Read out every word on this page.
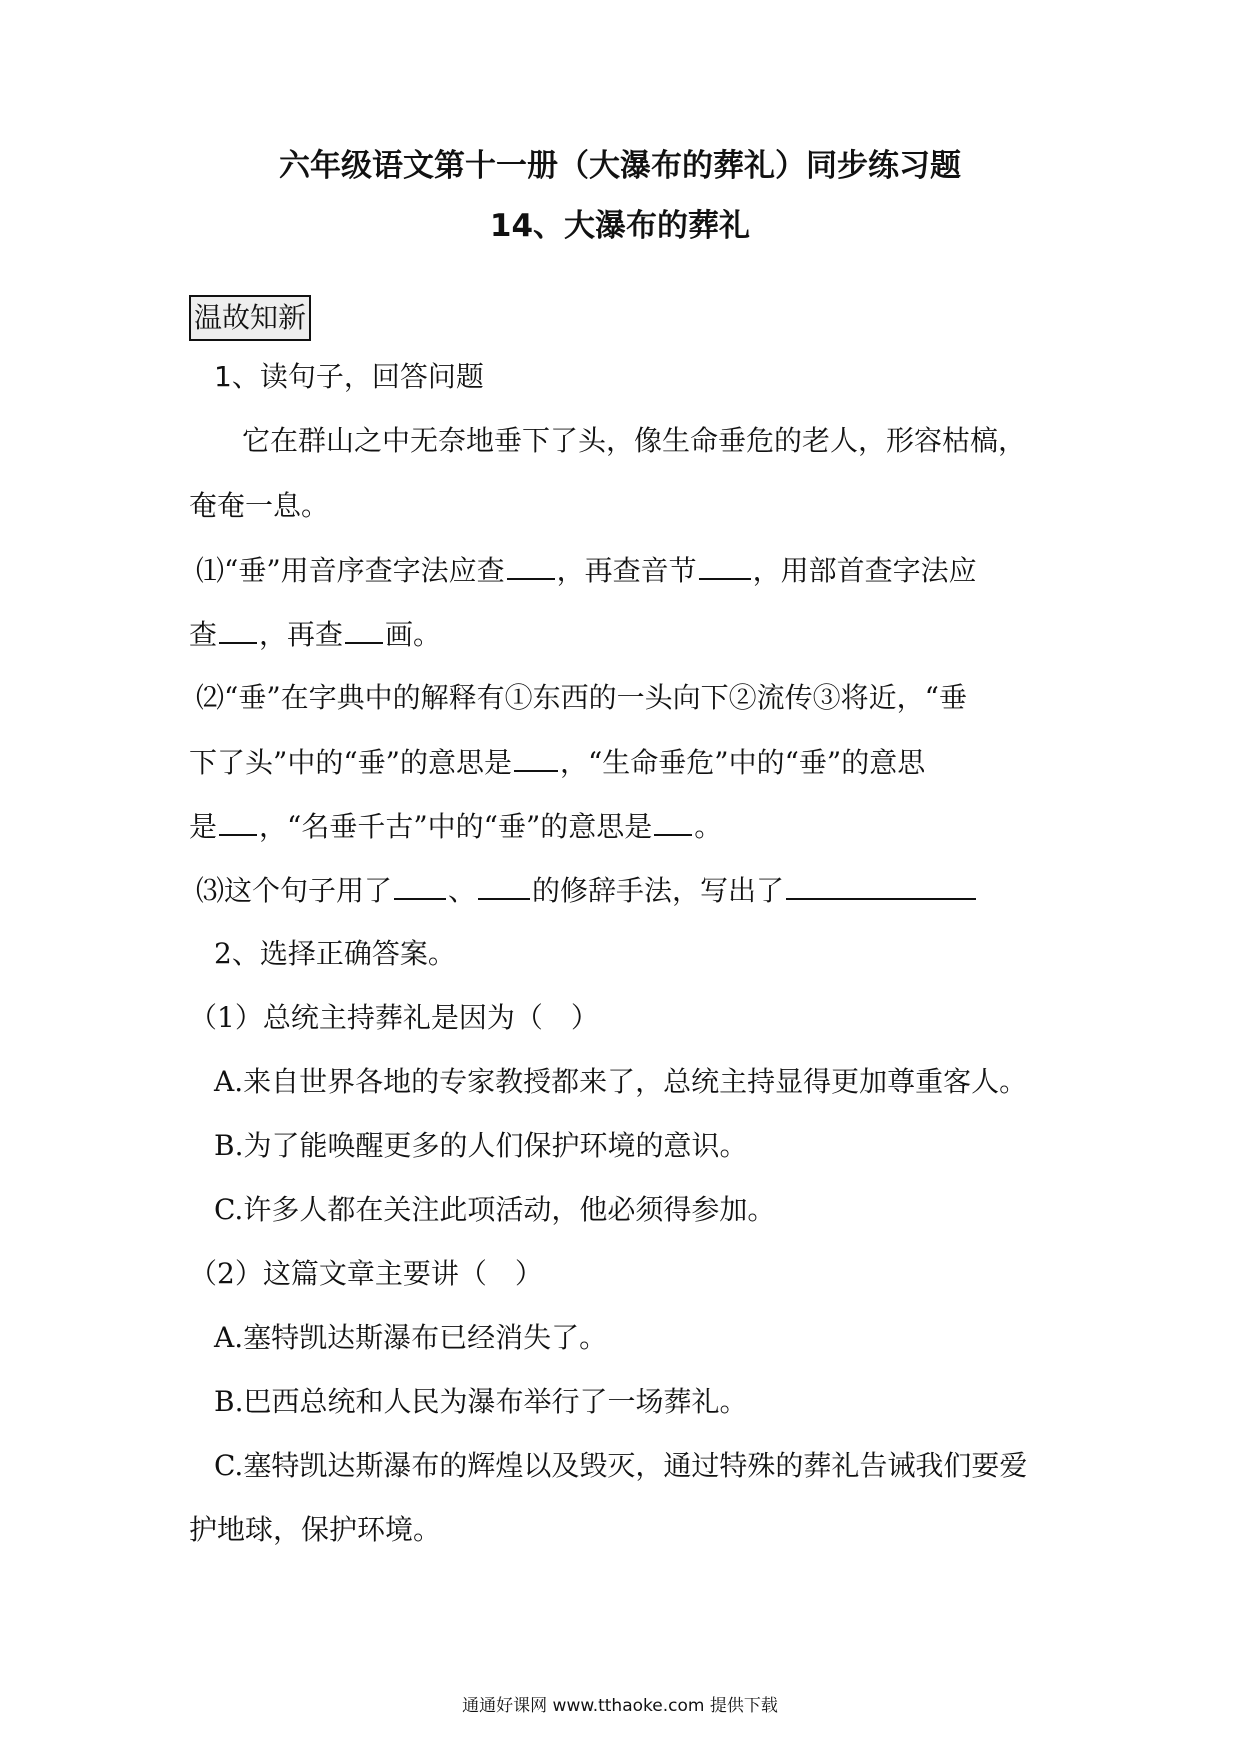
六年级语文第十一册（大瀑布的葬礼）同步练习题
14、大瀑布的葬礼
温故知新
1、读句子，回答问题
它在群山之中无奈地垂下了头，像生命垂危的老人，形容枯槁，
奄奄一息。
⑴“垂”用音序查字法应查 ，再查音节 ，用部首查字法应
查 ，再查 画。
⑵“垂”在字典中的解释有①东西的一头向下②流传③将近，“垂
下了头”中的“垂”的意思是 ，“生命垂危”中的“垂”的意思
是 ，“名垂千古”中的“垂”的意思是 。
⑶这个句子用了 、 的修辞手法，写出了
2、选择正确答案。
（1）总统主持葬礼是因为（ ）
A.来自世界各地的专家教授都来了，总统主持显得更加尊重客人。
B.为了能唤醒更多的人们保护环境的意识。
C.许多人都在关注此项活动，他必须得参加。
（2）这篇文章主要讲（ ）
A.塞特凯达斯瀑布已经消失了。
B.巴西总统和人民为瀑布举行了一场葬礼。
C.塞特凯达斯瀑布的辉煌以及毁灭，通过特殊的葬礼告诫我们要爱
护地球，保护环境。
通通好课网 www.tthaoke.com 提供下载
